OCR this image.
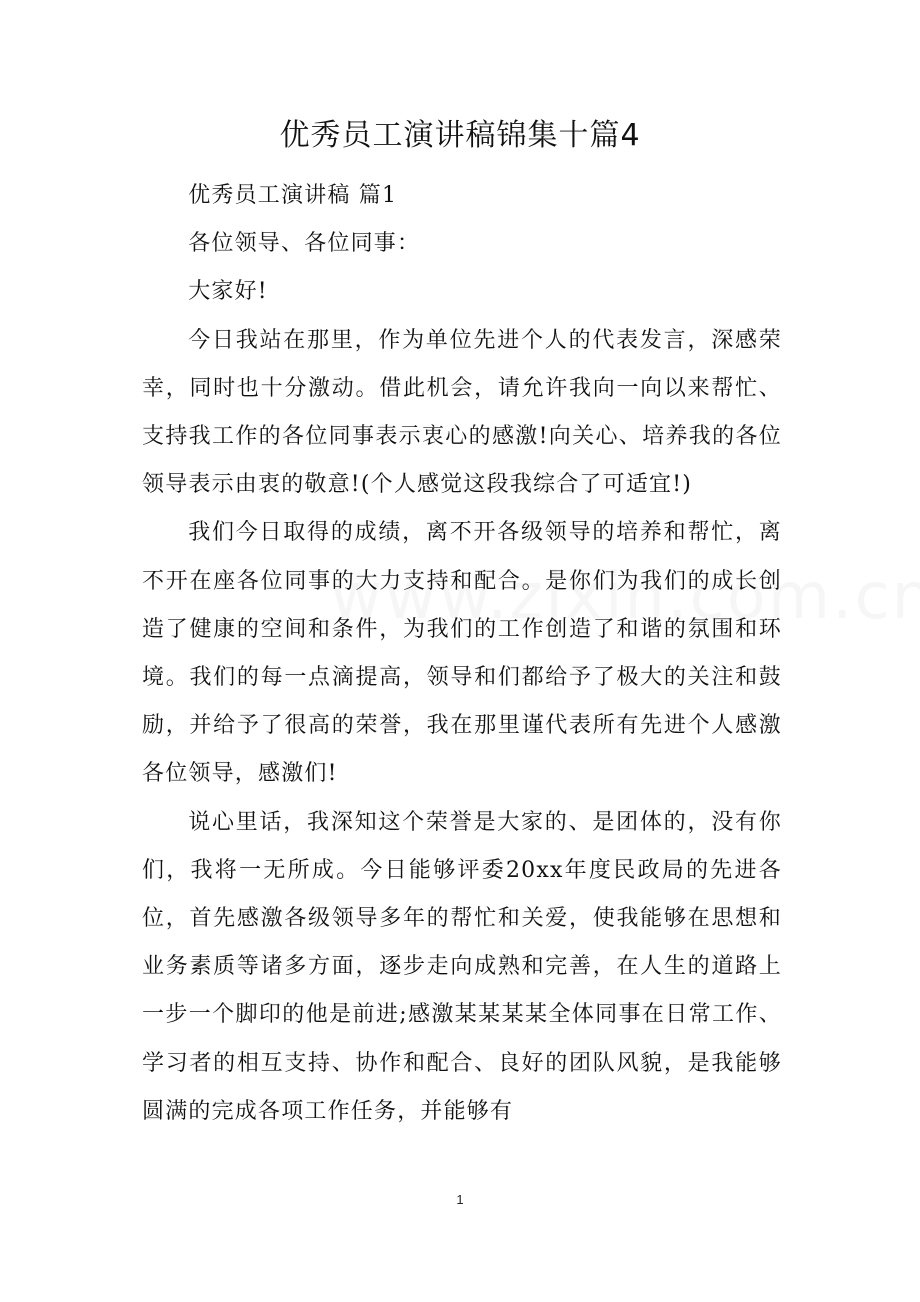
优秀员工演讲稿锦集十篇4

优秀员工演讲稿 篇1

各位领导、各位同事：

大家好!

今日我站在那里，作为单位先进个人的代表发言，深感荣幸，同时也十分激动。借此机会，请允许我向一向以来帮忙、支持我工作的各位同事表示衷心的感激!向关心、培养我的各位领导表示由衷的敬意!(个人感觉这段我综合了可适宜!)

我们今日取得的成绩，离不开各级领导的培养和帮忙，离不开在座各位同事的大力支持和配合。是你们为我们的成长创造了健康的空间和条件，为我们的工作创造了和谐的氛围和环境。我们的每一点滴提高，领导和们都给予了极大的关注和鼓励，并给予了很高的荣誉，我在那里谨代表所有先进个人感激各位领导，感激们!

说心里话，我深知这个荣誉是大家的、是团体的，没有你们，我将一无所成。今日能够评委20xx年度民政局的先进各位，首先感激各级领导多年的帮忙和关爱，使我能够在思想和业务素质等诸多方面，逐步走向成熟和完善，在人生的道路上一步一个脚印的他是前进;感激某某某某全体同事在日常工作、学习者的相互支持、协作和配合、良好的团队风貌，是我能够圆满的完成各项工作任务，并能够有

1
